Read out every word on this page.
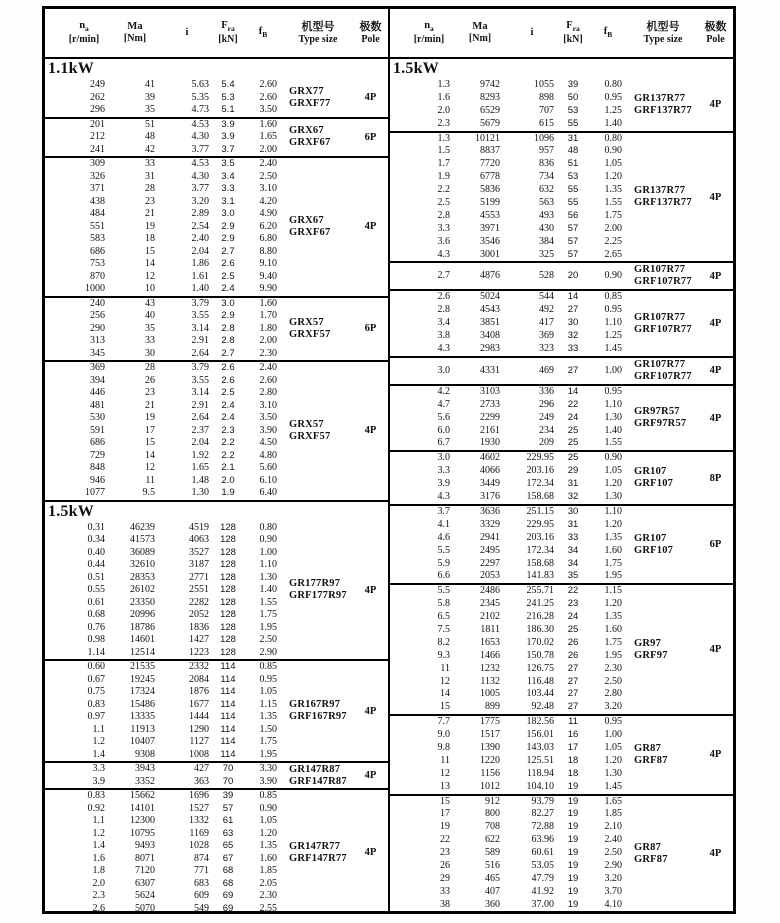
$n_a$
[r/min]
Ma
[Nm]
i
$F_{ra}$
[kN]
$f_B$
机型号
Type size
极数
Pole
1.1kW
249	41	5.63	5.4	2.60
262	39	5.35	5.3	2.60
296	35	4.73	5.1	3.50
GRX77
GRXF77	4P
201	51	4.53	3.9	1.60
212	48	4.30	3.9	1.65
241	42	3.77	3.7	2.00
GRX67
GRXF67	6P
309	33	4.53	3.5	2.40
326	31	4.30	3.4	2.50
371	28	3.77	3.3	3.10
438	23	3.20	3.1	4.20
484	21	2.89	3.0	4.90
551	19	2.54	2.9	6.20
583	18	2.40	2.9	6.80
686	15	2.04	2.7	8.80
753	14	1.86	2.6	9.10
870	12	1.61	2.5	9.40
1000	10	1.40	2.4	9.90
GRX67
GRXF67	4P
240	43	3.79	3.0	1.60
256	40	3.55	2.9	1.70
290	35	3.14	2.8	1.80
313	33	2.91	2.8	2.00
345	30	2.64	2.7	2.30
GRX57
GRXF57	6P
369	28	3.79	2.6	2.40
394	26	3.55	2.6	2.60
446	23	3.14	2.5	2.80
481	21	2.91	2.4	3.10
530	19	2.64	2.4	3.50
591	17	2.37	2.3	3.90
686	15	2.04	2.2	4.50
729	14	1.92	2.2	4.80
848	12	1.65	2.1	5.60
946	11	1.48	2.0	6.10
1077	9.5	1.30	1.9	6.40
GRX57
GRXF57	4P
1.5kW
0.31	46239	4519	128	0.80
0.34	41573	4063	128	0.90
0.40	36089	3527	128	1.00
0.44	32610	3187	128	1.10
0.51	28353	2771	128	1.30
0.55	26102	2551	128	1.40
0.61	23350	2282	128	1.55
0.68	20996	2052	128	1.75
0.76	18786	1836	128	1.95
0.98	14601	1427	128	2.50
1.14	12514	1223	128	2.90
GR177R97
GRF177R97	4P
0.60	21535	2332	114	0.85
0.67	19245	2084	114	0.95
0.75	17324	1876	114	1.05
0.83	15486	1677	114	1.15
0.97	13335	1444	114	1.35
1.1	11913	1290	114	1.50
1.2	10407	1127	114	1.75
1.4	9308	1008	114	1.95
GR167R97
GRF167R97	4P
3.3	3943	427	70	3.30
3.9	3352	363	70	3.90
GR147R87
GRF147R87	4P
0.83	15662	1696	39	0.85
0.92	14101	1527	57	0.90
1.1	12300	1332	61	1.05
1.2	10795	1169	63	1.20
1.4	9493	1028	65	1.35
1.6	8071	874	67	1.60
1.8	7120	771	68	1.85
2.0	6307	683	68	2.05
2.3	5624	609	69	2.30
2.6	5070	549	69	2.55
GR147R77
GRF147R77	4P
$n_a$
[r/min]
Ma
[Nm]
i
$F_{ra}$
[kN]
$f_B$
机型号
Type size
极数
Pole
1.5kW
1.3	9742	1055	39	0.80
1.6	8293	898	50	0.95
2.0	6529	707	53	1.25
2.3	5679	615	55	1.40
GR137R77
GRF137R77	4P
1.3	10121	1096	31	0.80
1.5	8837	957	48	0.90
1.7	7720	836	51	1.05
1.9	6778	734	53	1.20
2.2	5836	632	55	1.35
2.5	5199	563	55	1.55
2.8	4553	493	56	1.75
3.3	3971	430	57	2.00
3.6	3546	384	57	2.25
4.3	3001	325	57	2.65
GR137R77
GRF137R77	4P
2.7	4876	528	20	0.90
GR107R77
GRF107R77	4P
2.6	5024	544	14	0.85
2.8	4543	492	27	0.95
3.4	3851	417	30	1.10
3.8	3408	369	32	1.25
4.3	2983	323	33	1.45
GR107R77
GRF107R77	4P
3.0	4331	469	27	1.00
GR107R77
GRF107R77	4P
4.2	3103	336	14	0.95
4.7	2733	296	22	1.10
5.6	2299	249	24	1.30
6.0	2161	234	25	1.40
6.7	1930	209	25	1.55
GR97R57
GRF97R57	4P
3.0	4602	229.95	25	0.90
3.3	4066	203.16	29	1.05
3.9	3449	172.34	31	1.20
4.3	3176	158.68	32	1.30
GR107
GRF107	8P
3.7	3636	251.15	30	1.10
4.1	3329	229.95	31	1.20
4.6	2941	203.16	33	1.35
5.5	2495	172.34	34	1.60
5.9	2297	158.68	34	1.75
6.6	2053	141.83	35	1.95
GR107
GRF107	6P
5.5	2486	255.71	22	1.15
5.8	2345	241.25	23	1.20
6.5	2102	216.28	24	1.35
7.5	1811	186.30	25	1.60
8.2	1653	170.02	26	1.75
9.3	1466	150.78	26	1.95
11	1232	126.75	27	2.30
12	1132	116.48	27	2.50
14	1005	103.44	27	2.80
15	899	92.48	27	3.20
GR97
GRF97	4P
7.7	1775	182.56	11	0.95
9.0	1517	156.01	16	1.00
9.8	1390	143.03	17	1.05
11	1220	125.51	18	1.20
12	1156	118.94	18	1.30
13	1012	104.10	19	1.45
GR87
GRF87	4P
15	912	93.79	19	1.65
17	800	82.27	19	1.85
19	708	72.88	19	2.10
22	622	63.96	19	2.40
23	589	60.61	19	2.50
26	516	53.05	19	2.90
29	465	47.79	19	3.20
33	407	41.92	19	3.70
38	360	37.00	19	4.10
GR87
GRF87	4P
